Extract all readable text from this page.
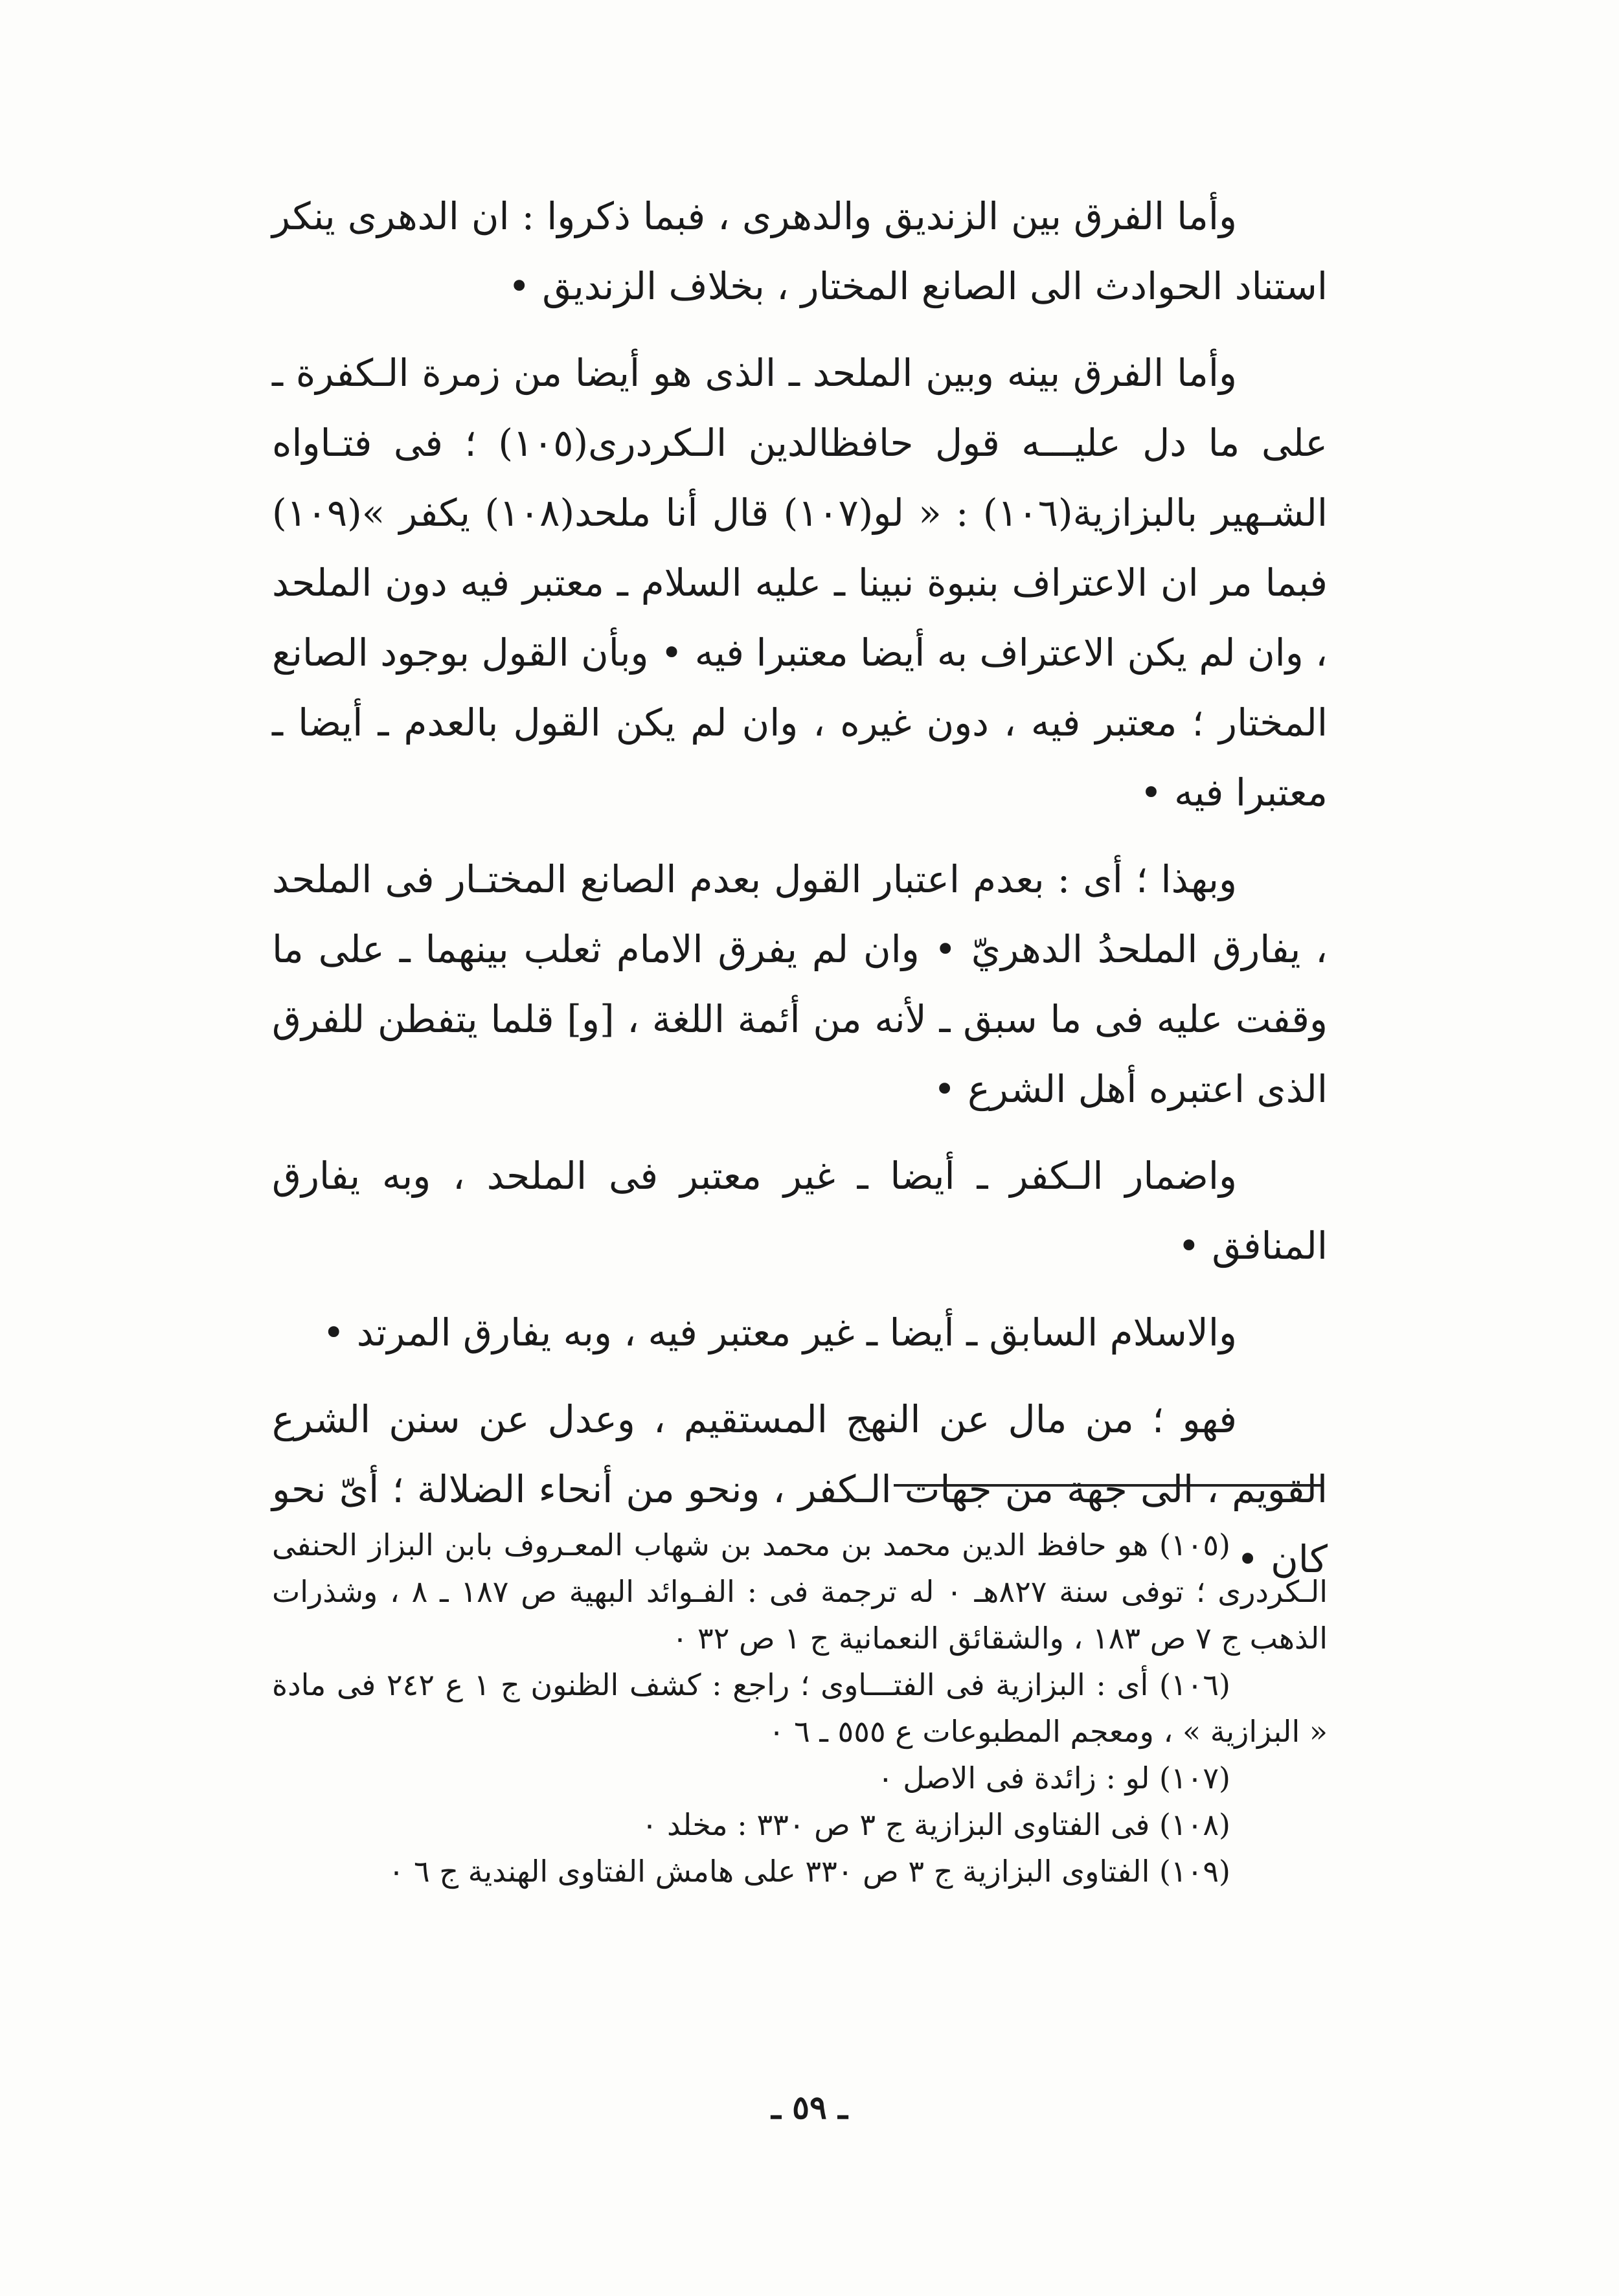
وأما الفرق بين الزنديق والدهرى ، فبما ذكروا : ان الدهرى ينكر استناد الحوادث الى الصانع المختار ، بخلاف الزنديق •

وأما الفرق بينه وبين الملحد ـ الذى هو أيضا من زمرة الـكفرة ـ على ما دل عليـــه قول حافظالدين الـكردرى(١٠٥) ؛ فى فتـاواه الشـهير بالبزازية(١٠٦) : « لو(١٠٧) قال أنا ملحد(١٠٨) يكفر »(١٠٩) فبما مر ان الاعتراف بنبوة نبينا ـ عليه السلام ـ معتبر فيه دون الملحد ، وان لم يكن الاعتراف به أيضا معتبرا فيه • وبأن القول بوجود الصانع المختار ؛ معتبر فيه ، دون غيره ، وان لم يكن القول بالعدم ـ أيضا ـ معتبرا فيه •

وبهذا ؛ أى : بعدم اعتبار القول بعدم الصانع المختـار فى الملحد ، يفارق الملحدُ الدهريّ • وان لم يفرق الامام ثعلب بينهما ـ على ما وقفت عليه فى ما سبق ـ لأنه من أئمة اللغة ، [و] قلما يتفطن للفرق الذى اعتبره أهل الشرع •

واضمار الـكفر ـ أيضا ـ غير معتبر فى الملحد ، وبه يفارق المنافق •

والاسلام السابق ـ أيضا ـ غير معتبر فيه ، وبه يفارق المرتد •

فهو ؛ من مال عن النهج المستقيم ، وعدل عن سنن الشرع القويم ، الى جهة من جهات الـكفر ، ونحو من أنحاء الضلالة ؛ أىّ نحو كان •

(١٠٥) هو حافظ الدين محمد بن محمد بن شهاب المعـروف بابن البزاز الحنفى الـكردرى ؛ توفى سنة ٨٢٧هـ ٠ له ترجمة فى : الفـوائد البهية ص ١٨٧ ـ ٨ ، وشذرات الذهب ج ٧ ص ١٨٣ ، والشقائق النعمانية ج ١ ص ٣٢ ٠

(١٠٦) أى : البزازية فى الفتـــاوى ؛ راجع : كشف الظنون ج ١ ع ٢٤٢ فى مادة « البزازية » ، ومعجم المطبوعات ع ٥٥٥ ـ ٦ ٠

(١٠٧) لو : زائدة فى الاصل ٠

(١٠٨) فى الفتاوى البزازية ج ٣ ص ٣٣٠ : مخلد ٠

(١٠٩) الفتاوى البزازية ج ٣ ص ٣٣٠ على هامش الفتاوى الهندية ج ٦ ٠

ـ ٥٩ ـ
